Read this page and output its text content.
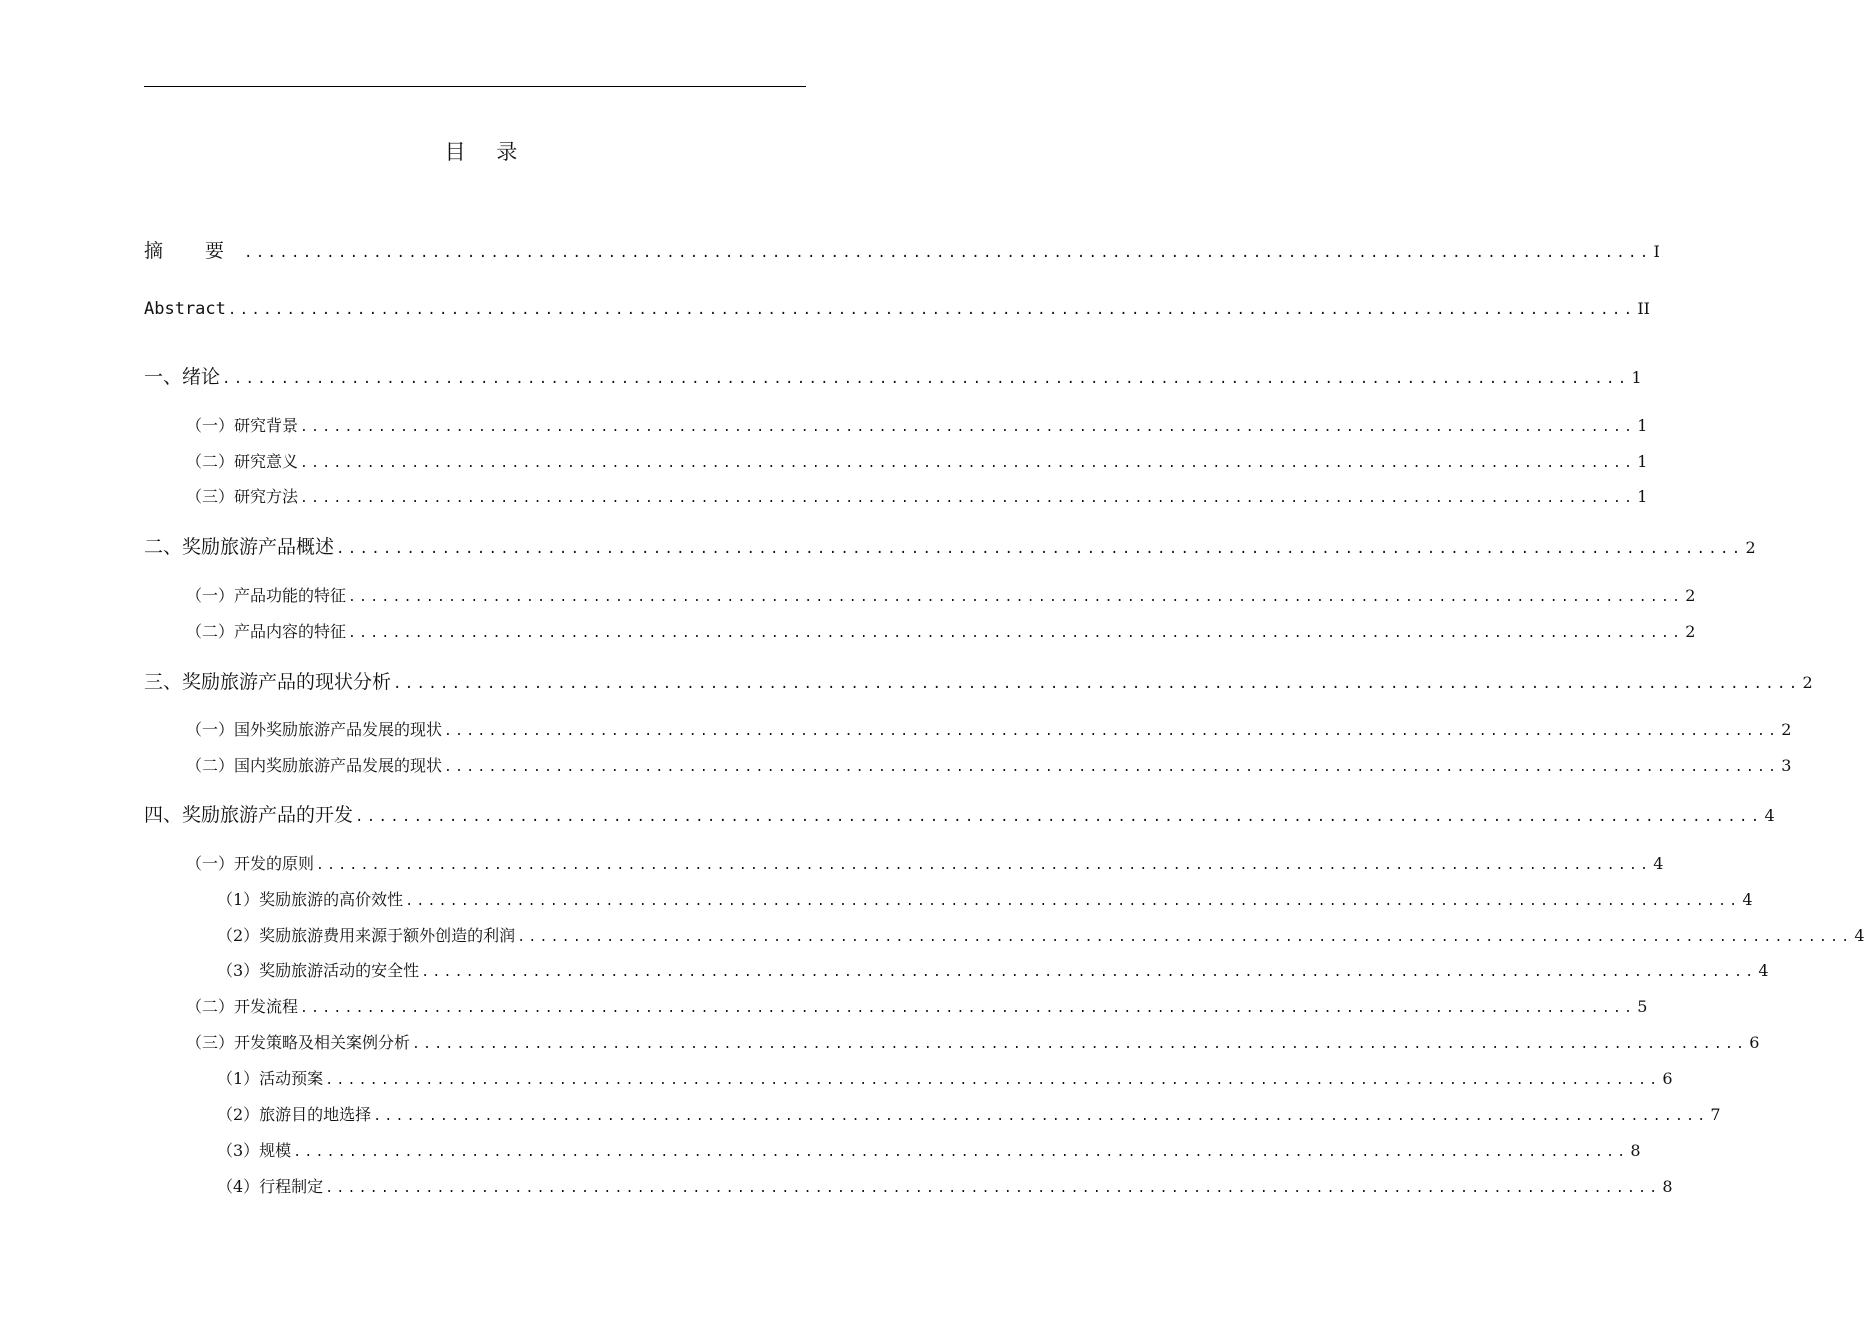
目 录
摘 要 ........................................................................................................................ I
Abstract ........................................................................................................................ II
一、绪论 ........................................................................................................................ 1
（一）研究背景 ........................................................................................................................ 1
（二）研究意义 ........................................................................................................................ 1
（三）研究方法 ........................................................................................................................ 1
二、奖励旅游产品概述 ........................................................................................................................ 2
（一）产品功能的特征 ........................................................................................................................ 2
（二）产品内容的特征 ........................................................................................................................ 2
三、奖励旅游产品的现状分析 ........................................................................................................................ 2
（一）国外奖励旅游产品发展的现状 ........................................................................................................................ 2
（二）国内奖励旅游产品发展的现状 ........................................................................................................................ 3
四、奖励旅游产品的开发 ........................................................................................................................ 4
（一）开发的原则 ........................................................................................................................ 4
（1）奖励旅游的高价效性 ........................................................................................................................ 4
（2）奖励旅游费用来源于额外创造的利润 ........................................................................................................................ 4
（3）奖励旅游活动的安全性 ........................................................................................................................ 4
（二）开发流程 ........................................................................................................................ 5
（三）开发策略及相关案例分析 ........................................................................................................................ 6
（1）活动预案 ........................................................................................................................ 6
（2）旅游目的地选择 ........................................................................................................................ 7
（3）规模 ........................................................................................................................ 8
（4）行程制定 ........................................................................................................................ 8
